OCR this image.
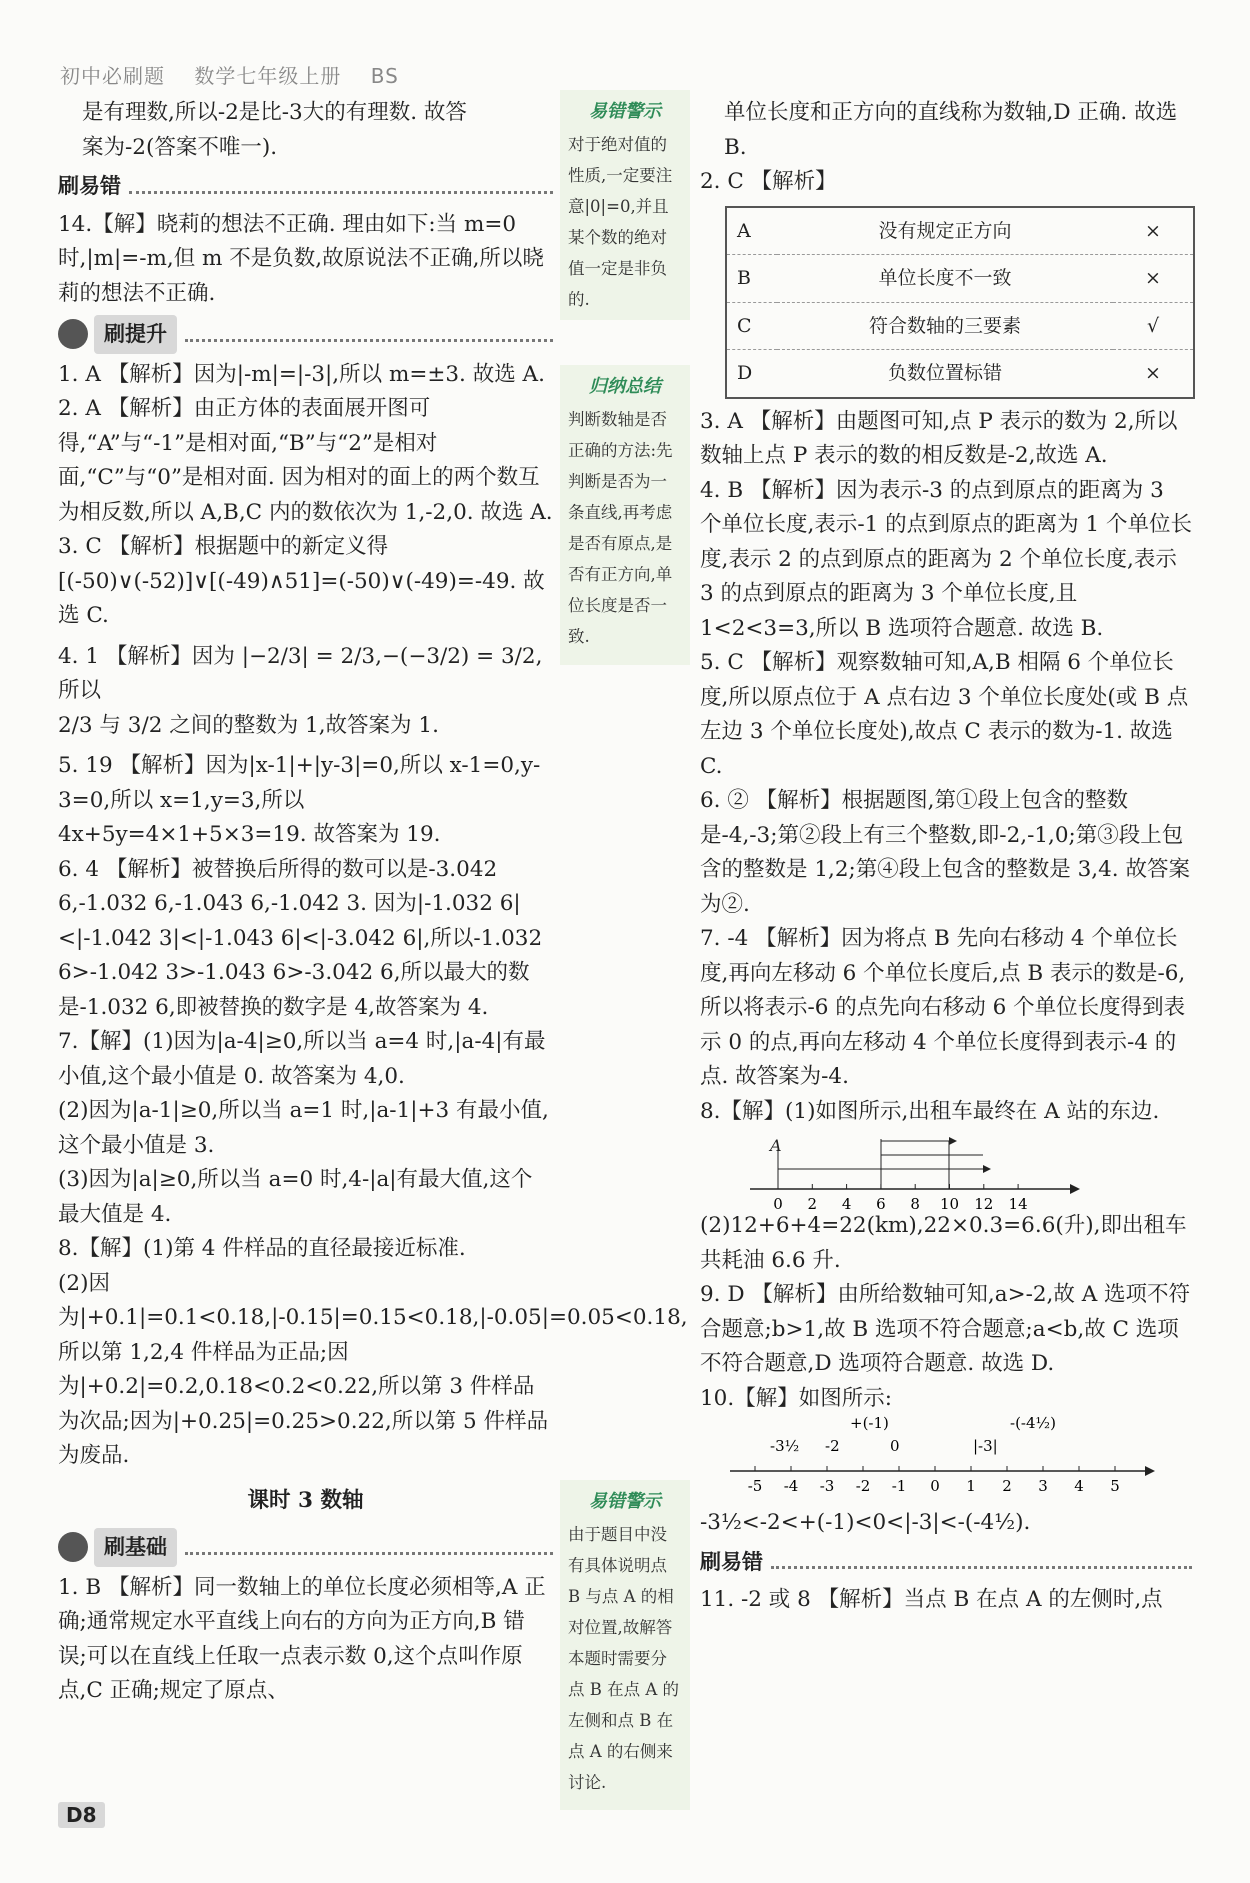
初中必刷题 数学七年级上册 BS

是有理数,所以-2是比-3大的有理数. 故答

案为-2(答案不唯一).

刷易错

14.【解】晓莉的想法不正确. 理由如下:当 m=0时,|m|=-m,但 m 不是负数,故原说法不正确,所以晓莉的想法不正确.

刷提升

1. A 【解析】因为|-m|=|-3|,所以 m=±3. 故选 A.

2. A 【解析】由正方体的表面展开图可得,“A”与“-1”是相对面,“B”与“2”是相对面,“C”与“0”是相对面. 因为相对的面上的两个数互为相反数,所以 A,B,C 内的数依次为 1,-2,0. 故选 A.

3. C 【解析】根据题中的新定义得[(-50)∨(-52)]∨[(-49)∧51]=(-50)∨(-49)=-49. 故选 C.

4. 1 【解析】因为 |−2/3| = 2/3,−(−3/2) = 3/2,所以

2/3 与 3/2 之间的整数为 1,故答案为 1.

5. 19 【解析】因为|x-1|+|y-3|=0,所以 x-1=0,y-3=0,所以 x=1,y=3,所以 4x+5y=4×1+5×3=19. 故答案为 19.

6. 4 【解析】被替换后所得的数可以是-3.042 6,-1.032 6,-1.043 6,-1.042 3. 因为|-1.032 6|<|-1.042 3|<|-1.043 6|<|-3.042 6|,所以-1.032 6>-1.042 3>-1.043 6>-3.042 6,所以最大的数是-1.032 6,即被替换的数字是 4,故答案为 4.

7.【解】(1)因为|a-4|≥0,所以当 a=4 时,|a-4|有最小值,这个最小值是 0. 故答案为 4,0.

(2)因为|a-1|≥0,所以当 a=1 时,|a-1|+3 有最小值,这个最小值是 3.

(3)因为|a|≥0,所以当 a=0 时,4-|a|有最大值,这个最大值是 4.

8.【解】(1)第 4 件样品的直径最接近标准.

(2)因为|+0.1|=0.1<0.18,|-0.15|=0.15<0.18,|-0.05|=0.05<0.18,所以第 1,2,4 件样品为正品;因为|+0.2|=0.2,0.18<0.2<0.22,所以第 3 件样品为次品;因为|+0.25|=0.25>0.22,所以第 5 件样品为废品.

课时 3 数轴
刷基础

1. B 【解析】同一数轴上的单位长度必须相等,A 正确;通常规定水平直线上向右的方向为正方向,B 错误;可以在直线上任取一点表示数 0,这个点叫作原点,C 正确;规定了原点、

易错警示
对于绝对值的性质,一定要注意|0|=0,并且某个数的绝对值一定是非负的.
归纳总结
判断数轴是否正确的方法:先判断是否为一条直线,再考虑是否有原点,是否有正方向,单位长度是否一致.
易错警示
由于题目中没有具体说明点 B 与点 A 的相对位置,故解答本题时需要分点 B 在点 A 的左侧和点 B 在点 A 的右侧来讨论.

单位长度和正方向的直线称为数轴,D 正确. 故选 B.

2. C 【解析】

A	没有规定正方向	×
B	单位长度不一致	×
C	符合数轴的三要素	√
D	负数位置标错	×

3. A 【解析】由题图可知,点 P 表示的数为 2,所以数轴上点 P 表示的数的相反数是-2,故选 A.

4. B 【解析】因为表示-3 的点到原点的距离为 3 个单位长度,表示-1 的点到原点的距离为 1 个单位长度,表示 2 的点到原点的距离为 2 个单位长度,表示 3 的点到原点的距离为 3 个单位长度,且 1<2<3=3,所以 B 选项符合题意. 故选 B.

5. C 【解析】观察数轴可知,A,B 相隔 6 个单位长度,所以原点位于 A 点右边 3 个单位长度处(或 B 点左边 3 个单位长度处),故点 C 表示的数为-1. 故选 C.

6. ② 【解析】根据题图,第①段上包含的整数是-4,-3;第②段上有三个整数,即-2,-1,0;第③段上包含的整数是 1,2;第④段上包含的整数是 3,4. 故答案为②.

7. -4 【解析】因为将点 B 先向右移动 4 个单位长度,再向左移动 6 个单位长度后,点 B 表示的数是-6,所以将表示-6 的点先向右移动 6 个单位长度得到表示 0 的点,再向左移动 4 个单位长度得到表示-4 的点. 故答案为-4.

8.【解】(1)如图所示,出租车最终在 A 站的东边.

A
0 2 4 6 8 10 12 14

(2)12+6+4=22(km),22×0.3=6.6(升),即出租车共耗油 6.6 升.

9. D 【解析】由所给数轴可知,a>-2,故 A 选项不符合题意;b>1,故 B 选项不符合题意;a<b,故 C 选项不符合题意,D 选项符合题意. 故选 D.

10.【解】如图所示:

-3½ -2
+(-1)
0	|-3|
-(-4½)
-5 -4 -3 -2 -1 0 1 2 3 4 5

-3½<-2<+(-1)<0<|-3|<-(-4½).

刷易错

11. -2 或 8 【解析】当点 B 在点 A 的左侧时,点

D8
